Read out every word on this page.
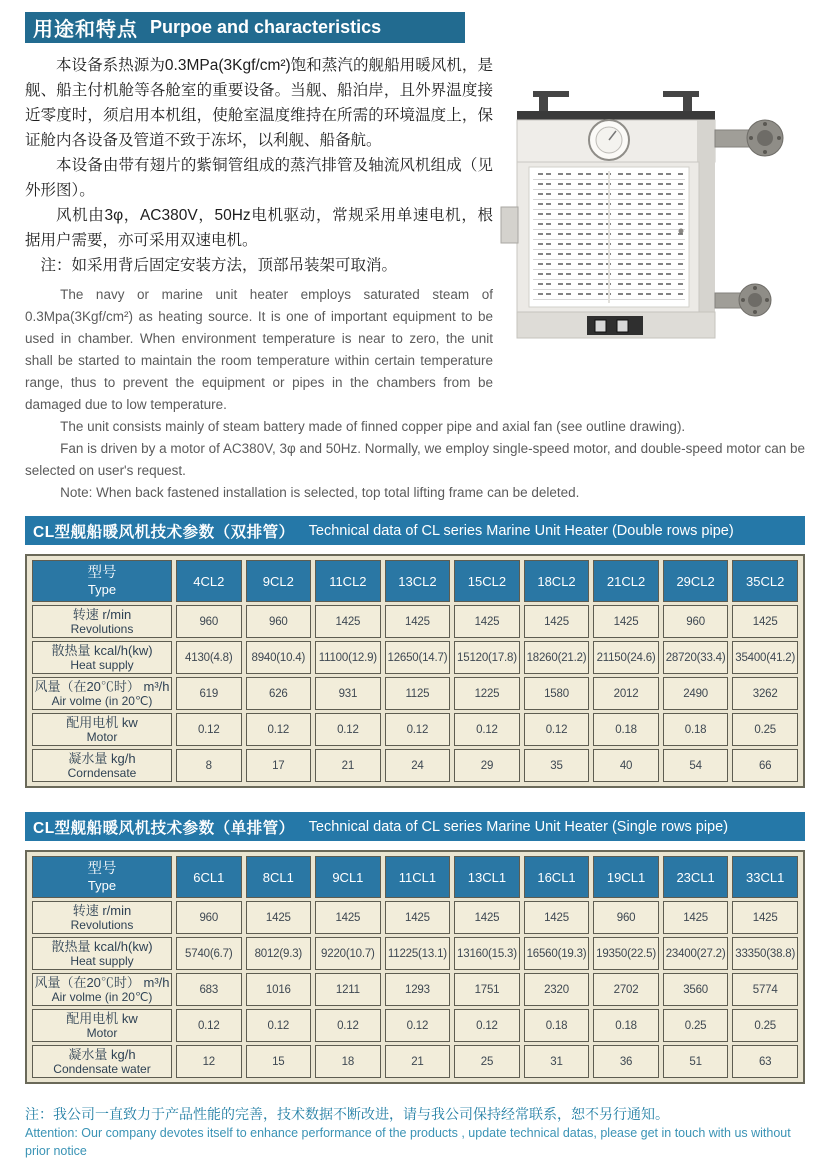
用途和特点 Purpoe and characteristics

本设备系热源为0.3MPa(3Kgf/cm²)饱和蒸汽的舰船用暖风机，是舰、船主付机舱等各舱室的重要设备。当舰、船泊岸，且外界温度接近零度时，须启用本机组，使舱室温度维持在所需的环境温度上，保证舱内各设备及管道不致于冻坏，以利舰、船备航。

本设备由带有翅片的紫铜管组成的蒸汽排管及轴流风机组成（见外形图）。

风机由3φ，AC380V，50Hz电机驱动，常规采用单速电机，根据用户需要，亦可采用双速电机。

注：如采用背后固定安装方法，顶部吊装架可取消。

The navy or marine unit heater employs saturated steam of 0.3Mpa(3Kgf/cm²) as heating source. It is one of important equipment to be used in chamber. When environment temperature is near to zero, the unit shall be started to maintain the room temperature within certain temperature range, thus to prevent the equipment or pipes in the chambers from be damaged due to low temperature.

The unit consists mainly of steam battery made of finned copper pipe and axial fan (see outline drawing).

Fan is driven by a motor of AC380V, 3φ and 50Hz. Normally, we employ single-speed motor, and double-speed motor can be selected on user's request.

Note: When back fastened installation is selected, top total lifting frame can be deleted.

CL型舰船暖风机技术参数（双排管） Technical data of CL series Marine Unit Heater (Double rows pipe)
型号
Type	4CL2	9CL2	11CL2	13CL2	15CL2	18CL2	21CL2	29CL2	35CL2

转速 r/min
Revolutions	960	960	1425	1425	1425	1425	1425	960	1425

散热量 kcal/h(kw)
Heat supply	4130(4.8)	8940(10.4)	11100(12.9)	12650(14.7)	15120(17.8)	18260(21.2)	21150(24.6)	28720(33.4)	35400(41.2)

风量（在20℃时） m³/h
Air volme (in 20℃)	619	626	931	1125	1225	1580	2012	2490	3262

配用电机 kw
Motor	0.12	0.12	0.12	0.12	0.12	0.12	0.18	0.18	0.25

凝水量 kg/h
Corndensate	8	17	21	24	29	35	40	54	66
CL型舰船暖风机技术参数（单排管） Technical data of CL series Marine Unit Heater (Single rows pipe)
型号
Type	6CL1	8CL1	9CL1	11CL1	13CL1	16CL1	19CL1	23CL1	33CL1

转速 r/min
Revolutions	960	1425	1425	1425	1425	1425	960	1425	1425

散热量 kcal/h(kw)
Heat supply	5740(6.7)	8012(9.3)	9220(10.7)	11225(13.1)	13160(15.3)	16560(19.3)	19350(22.5)	23400(27.2)	33350(38.8)

风量（在20℃时） m³/h
Air volme (in 20℃)	683	1016	1211	1293	1751	2320	2702	3560	5774

配用电机 kw
Motor	0.12	0.12	0.12	0.12	0.12	0.18	0.18	0.25	0.25

凝水量 kg/h
Condensate water	12	15	18	21	25	31	36	51	63

注：我公司一直致力于产品性能的完善，技术数据不断改进，请与我公司保持经常联系，恕不另行通知。

Attention: Our company devotes itself to enhance performance of the products , update technical datas, please get in touch with us without prior notice
